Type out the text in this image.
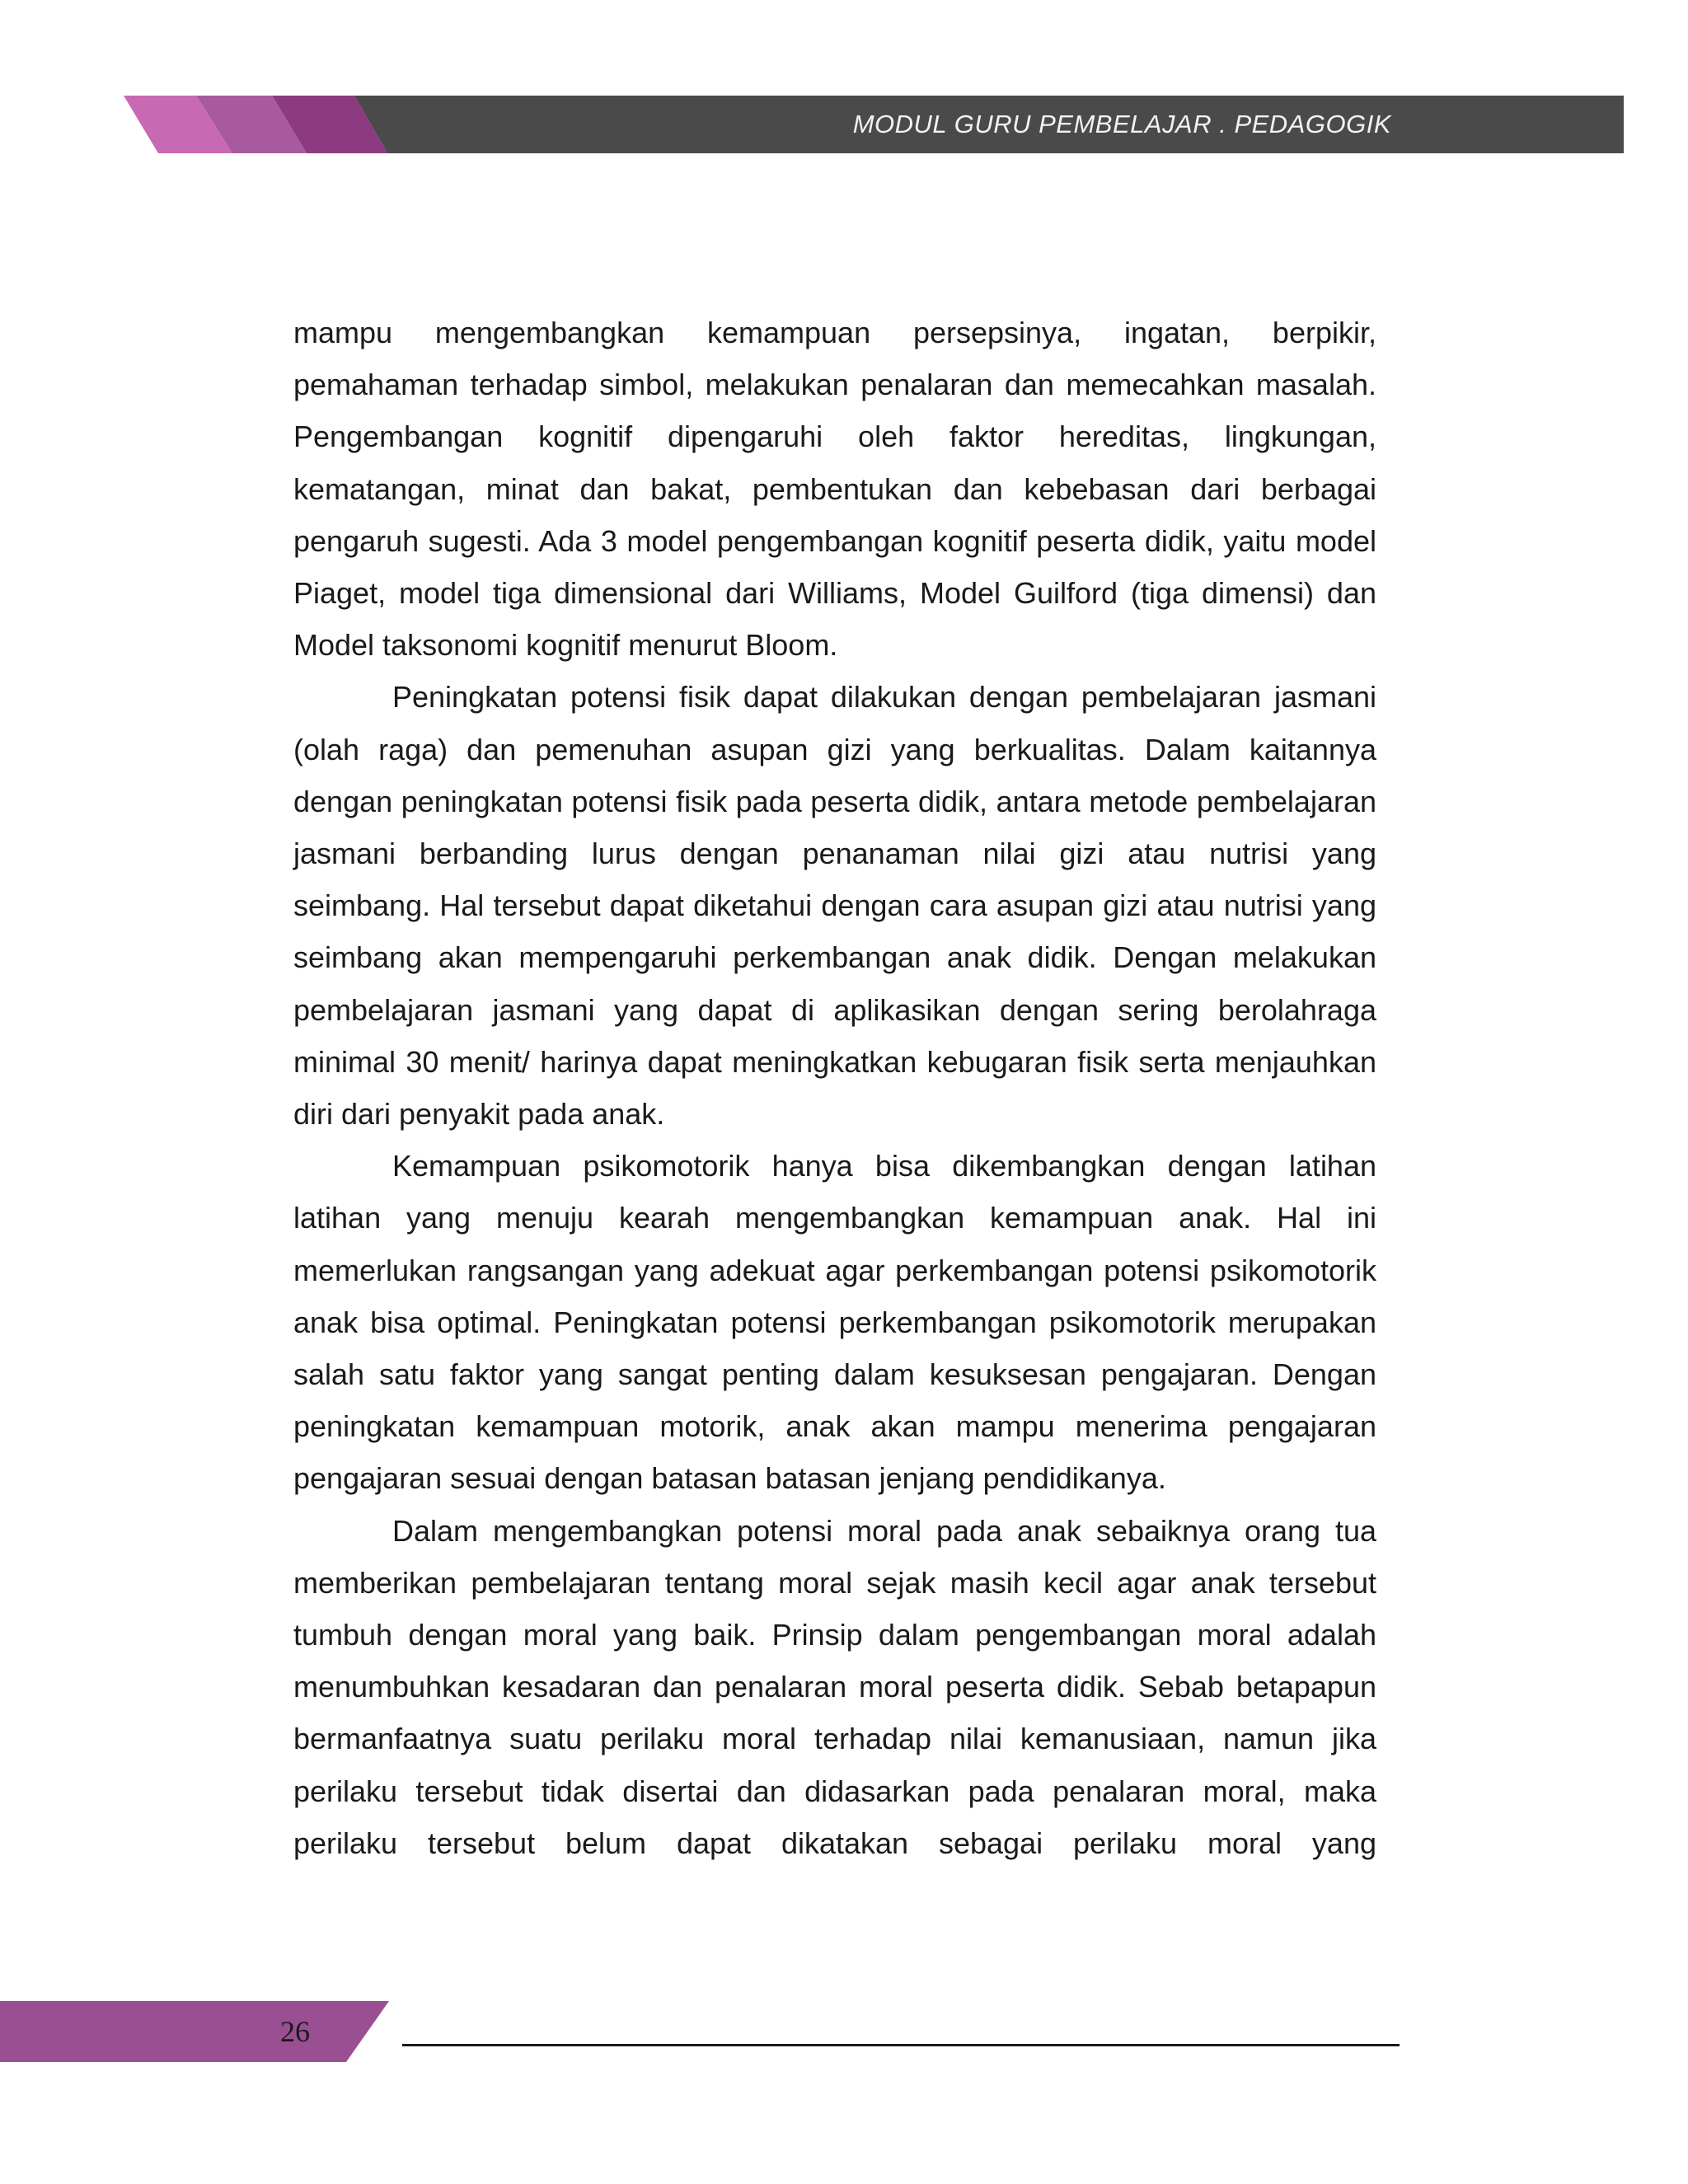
MODUL GURU PEMBELAJAR . PEDAGOGIK

mampu mengembangkan kemampuan persepsinya, ingatan, berpikir, pemahaman terhadap simbol, melakukan penalaran dan memecahkan masalah. Pengembangan kognitif dipengaruhi oleh faktor hereditas, lingkungan, kematangan, minat dan bakat, pembentukan dan kebebasan dari berbagai pengaruh sugesti. Ada 3 model pengembangan kognitif peserta didik, yaitu model Piaget, model tiga dimensional dari Williams, Model Guilford (tiga dimensi) dan Model taksonomi kognitif menurut Bloom.

Peningkatan potensi fisik dapat dilakukan dengan pembelajaran jasmani (olah raga) dan pemenuhan asupan gizi yang berkualitas. Dalam kaitannya dengan peningkatan potensi fisik pada peserta didik, antara metode pembelajaran jasmani berbanding lurus dengan penanaman nilai gizi atau nutrisi yang seimbang. Hal tersebut dapat diketahui dengan cara asupan gizi atau nutrisi yang seimbang akan mempengaruhi perkembangan anak didik. Dengan melakukan pembelajaran jasmani yang dapat di aplikasikan dengan sering berolahraga minimal 30 menit/ harinya dapat meningkatkan kebugaran fisik serta menjauhkan diri dari penyakit pada anak.

Kemampuan psikomotorik hanya bisa dikembangkan dengan latihan latihan yang menuju kearah mengembangkan kemampuan anak. Hal ini memerlukan rangsangan yang adekuat agar perkembangan potensi psikomotorik anak bisa optimal. Peningkatan potensi perkembangan psikomotorik merupakan salah satu faktor yang sangat penting dalam kesuksesan pengajaran. Dengan peningkatan kemampuan motorik, anak akan mampu menerima pengajaran pengajaran sesuai dengan batasan batasan jenjang pendidikanya.

Dalam mengembangkan potensi moral pada anak sebaiknya orang tua memberikan pembelajaran tentang moral sejak masih kecil agar anak tersebut tumbuh dengan moral yang baik. Prinsip dalam pengembangan moral adalah menumbuhkan kesadaran dan penalaran moral peserta didik. Sebab betapapun bermanfaatnya suatu perilaku moral terhadap nilai kemanusiaan, namun jika perilaku tersebut tidak disertai dan didasarkan pada penalaran moral, maka perilaku tersebut belum dapat dikatakan sebagai perilaku moral yang

26
